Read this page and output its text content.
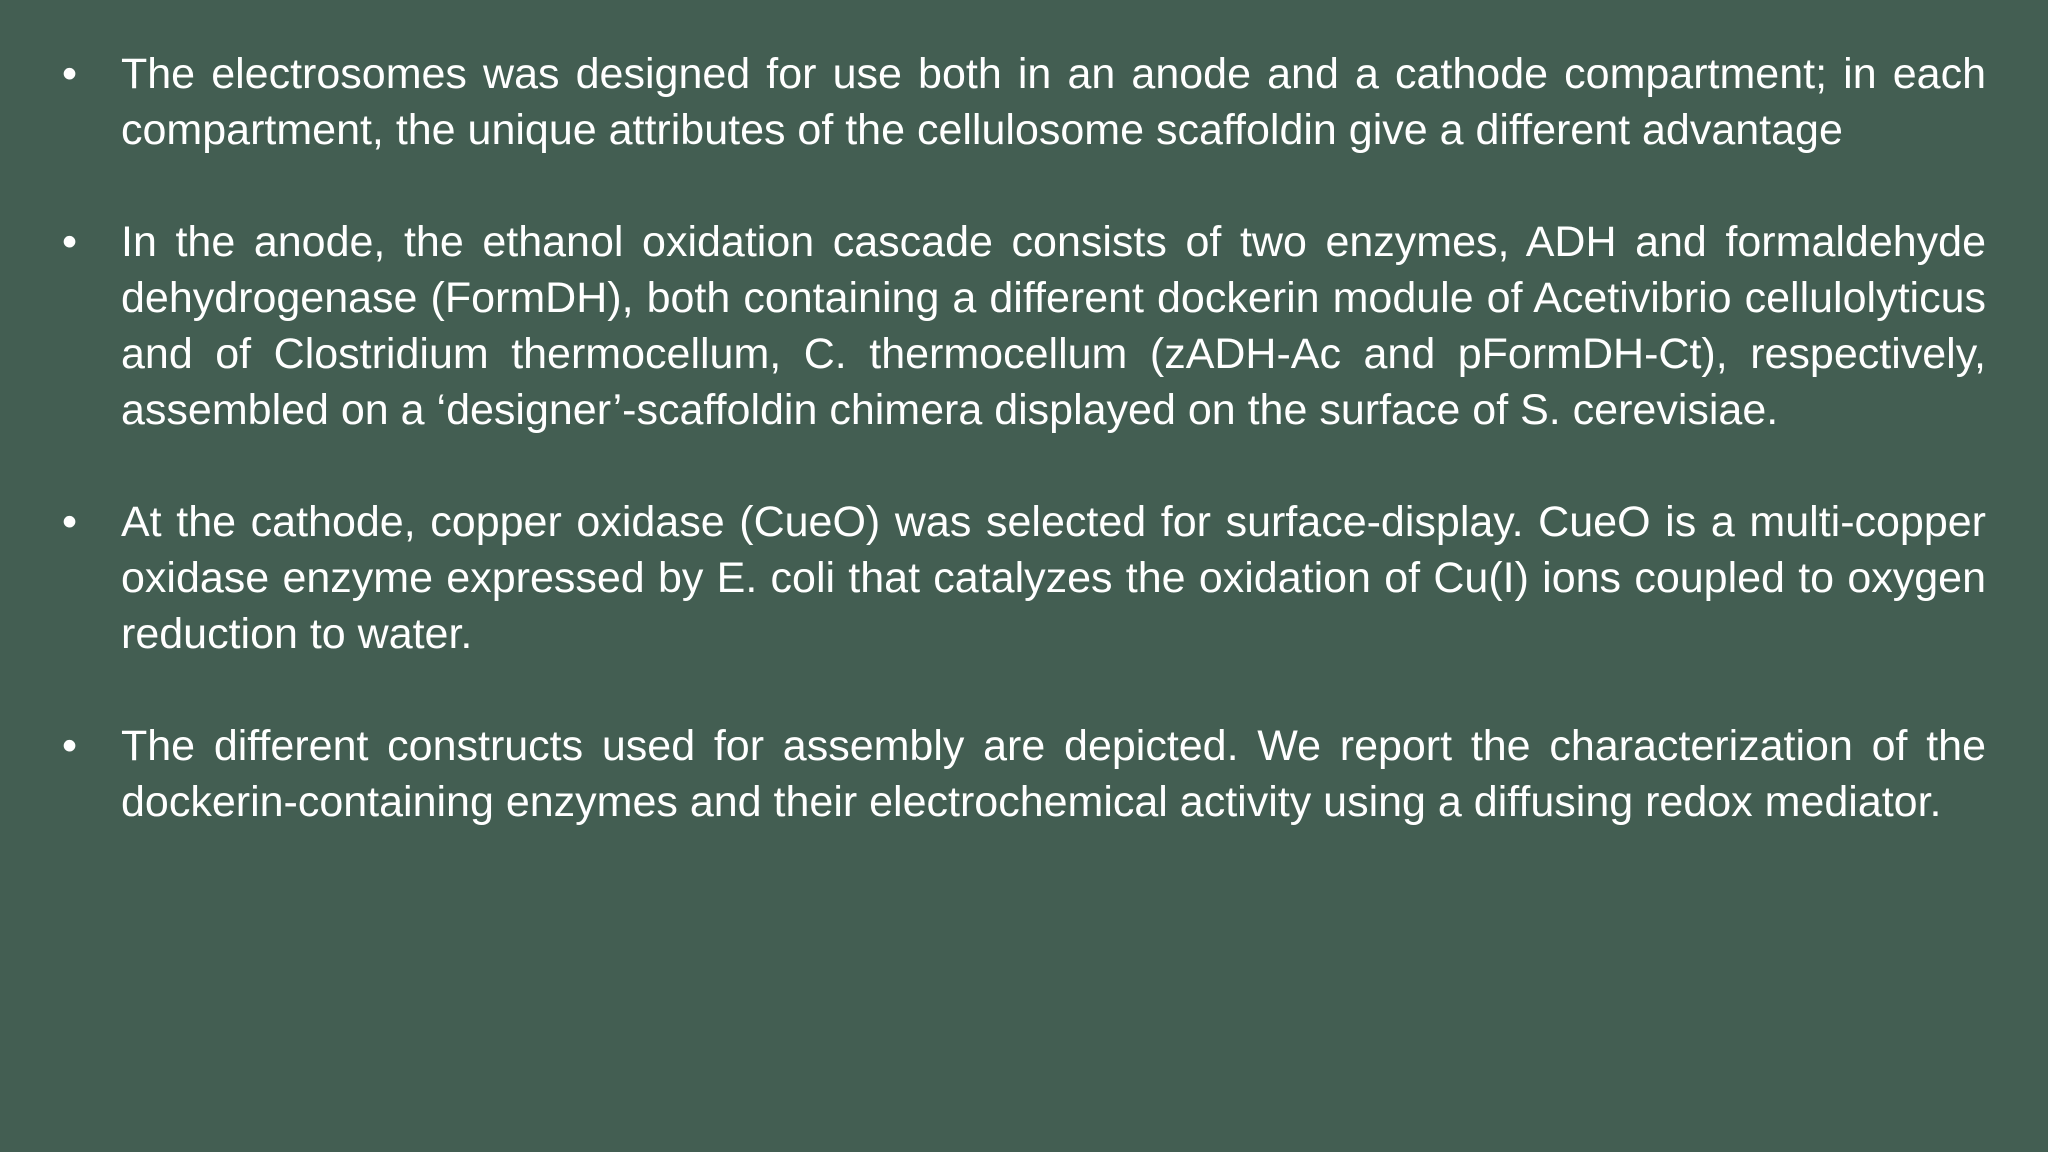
• The electrosomes was designed for use both in an anode and a cathode compartment; in each compartment, the unique attributes of the cellulosome scaffoldin give a different advantage
• In the anode, the ethanol oxidation cascade consists of two enzymes, ADH and formaldehyde dehydrogenase (FormDH), both containing a different dockerin module of Acetivibrio cellulolyticus and of Clostridium thermocellum, C. thermocellum (zADH-Ac and pFormDH-Ct), respectively, assembled on a ‘designer’-scaffoldin chimera displayed on the surface of S. cerevisiae.
• At the cathode, copper oxidase (CueO) was selected for surface-display. CueO is a multi-copper oxidase enzyme expressed by E. coli that catalyzes the oxidation of Cu(I) ions coupled to oxygen reduction to water.
• The different constructs used for assembly are depicted. We report the characterization of the dockerin-containing enzymes and their electrochemical activity using a diffusing redox mediator.
